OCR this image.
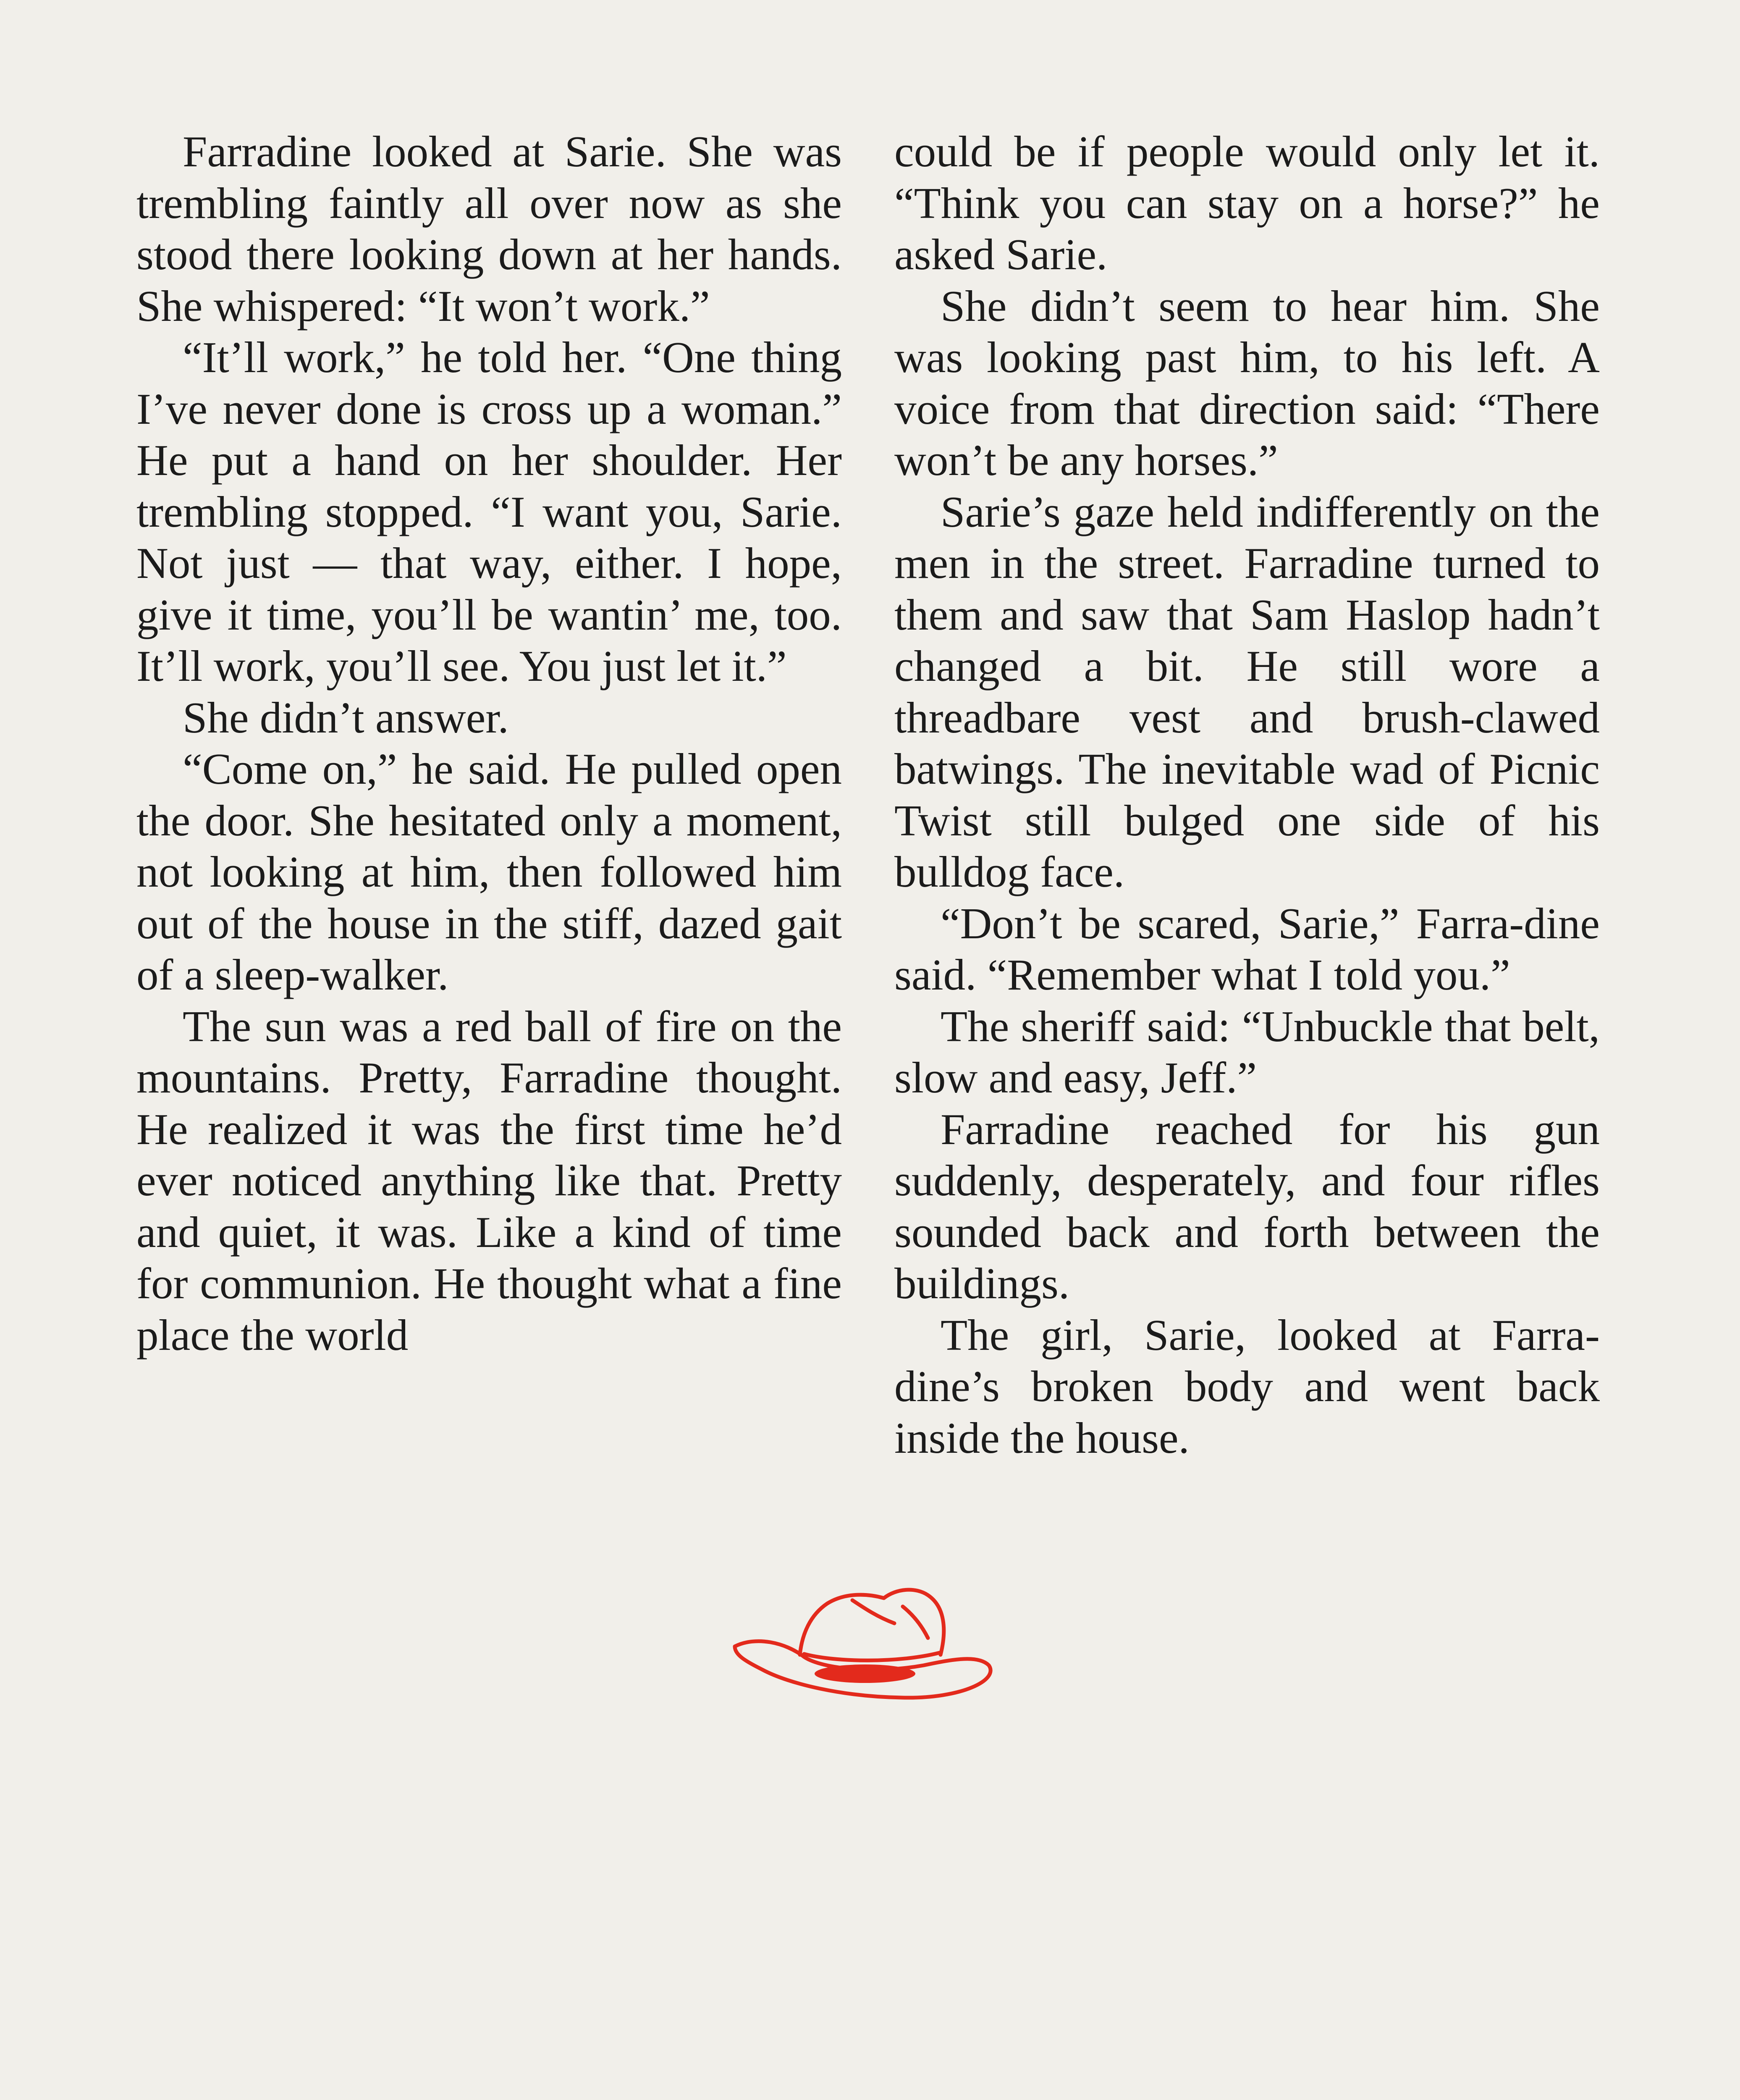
Farradine looked at Sarie. She was trembling faintly all over now as she stood there looking down at her hands. She whispered: “It won’t work.”

“It’ll work,” he told her. “One thing I’ve never done is cross up a woman.” He put a hand on her shoulder. Her trembling stopped. “I want you, Sarie. Not just — that way, either. I hope, give it time, you’ll be wantin’ me, too. It’ll work, you’ll see. You just let it.”

She didn’t answer.

“Come on,” he said. He pulled open the door. She hesitated only a moment, not looking at him, then followed him out of the house in the stiff, dazed gait of a sleep-walker.

The sun was a red ball of fire on the mountains. Pretty, Farradine thought. He realized it was the first time he’d ever noticed anything like that. Pretty and quiet, it was. Like a kind of time for communion. He thought what a fine place the world

could be if people would only let it. “Think you can stay on a horse?” he asked Sarie.

She didn’t seem to hear him. She was looking past him, to his left. A voice from that direction said: “There won’t be any horses.”

Sarie’s gaze held indifferently on the men in the street. Farradine turned to them and saw that Sam Haslop hadn’t changed a bit. He still wore a threadbare vest and brush-clawed batwings. The inevitable wad of Picnic Twist still bulged one side of his bulldog face.

“Don’t be scared, Sarie,” Farra-dine said. “Remember what I told you.”

The sheriff said: “Unbuckle that belt, slow and easy, Jeff.”

Farradine reached for his gun suddenly, desperately, and four rifles sounded back and forth between the buildings.

The girl, Sarie, looked at Farra-dine’s broken body and went back inside the house.
